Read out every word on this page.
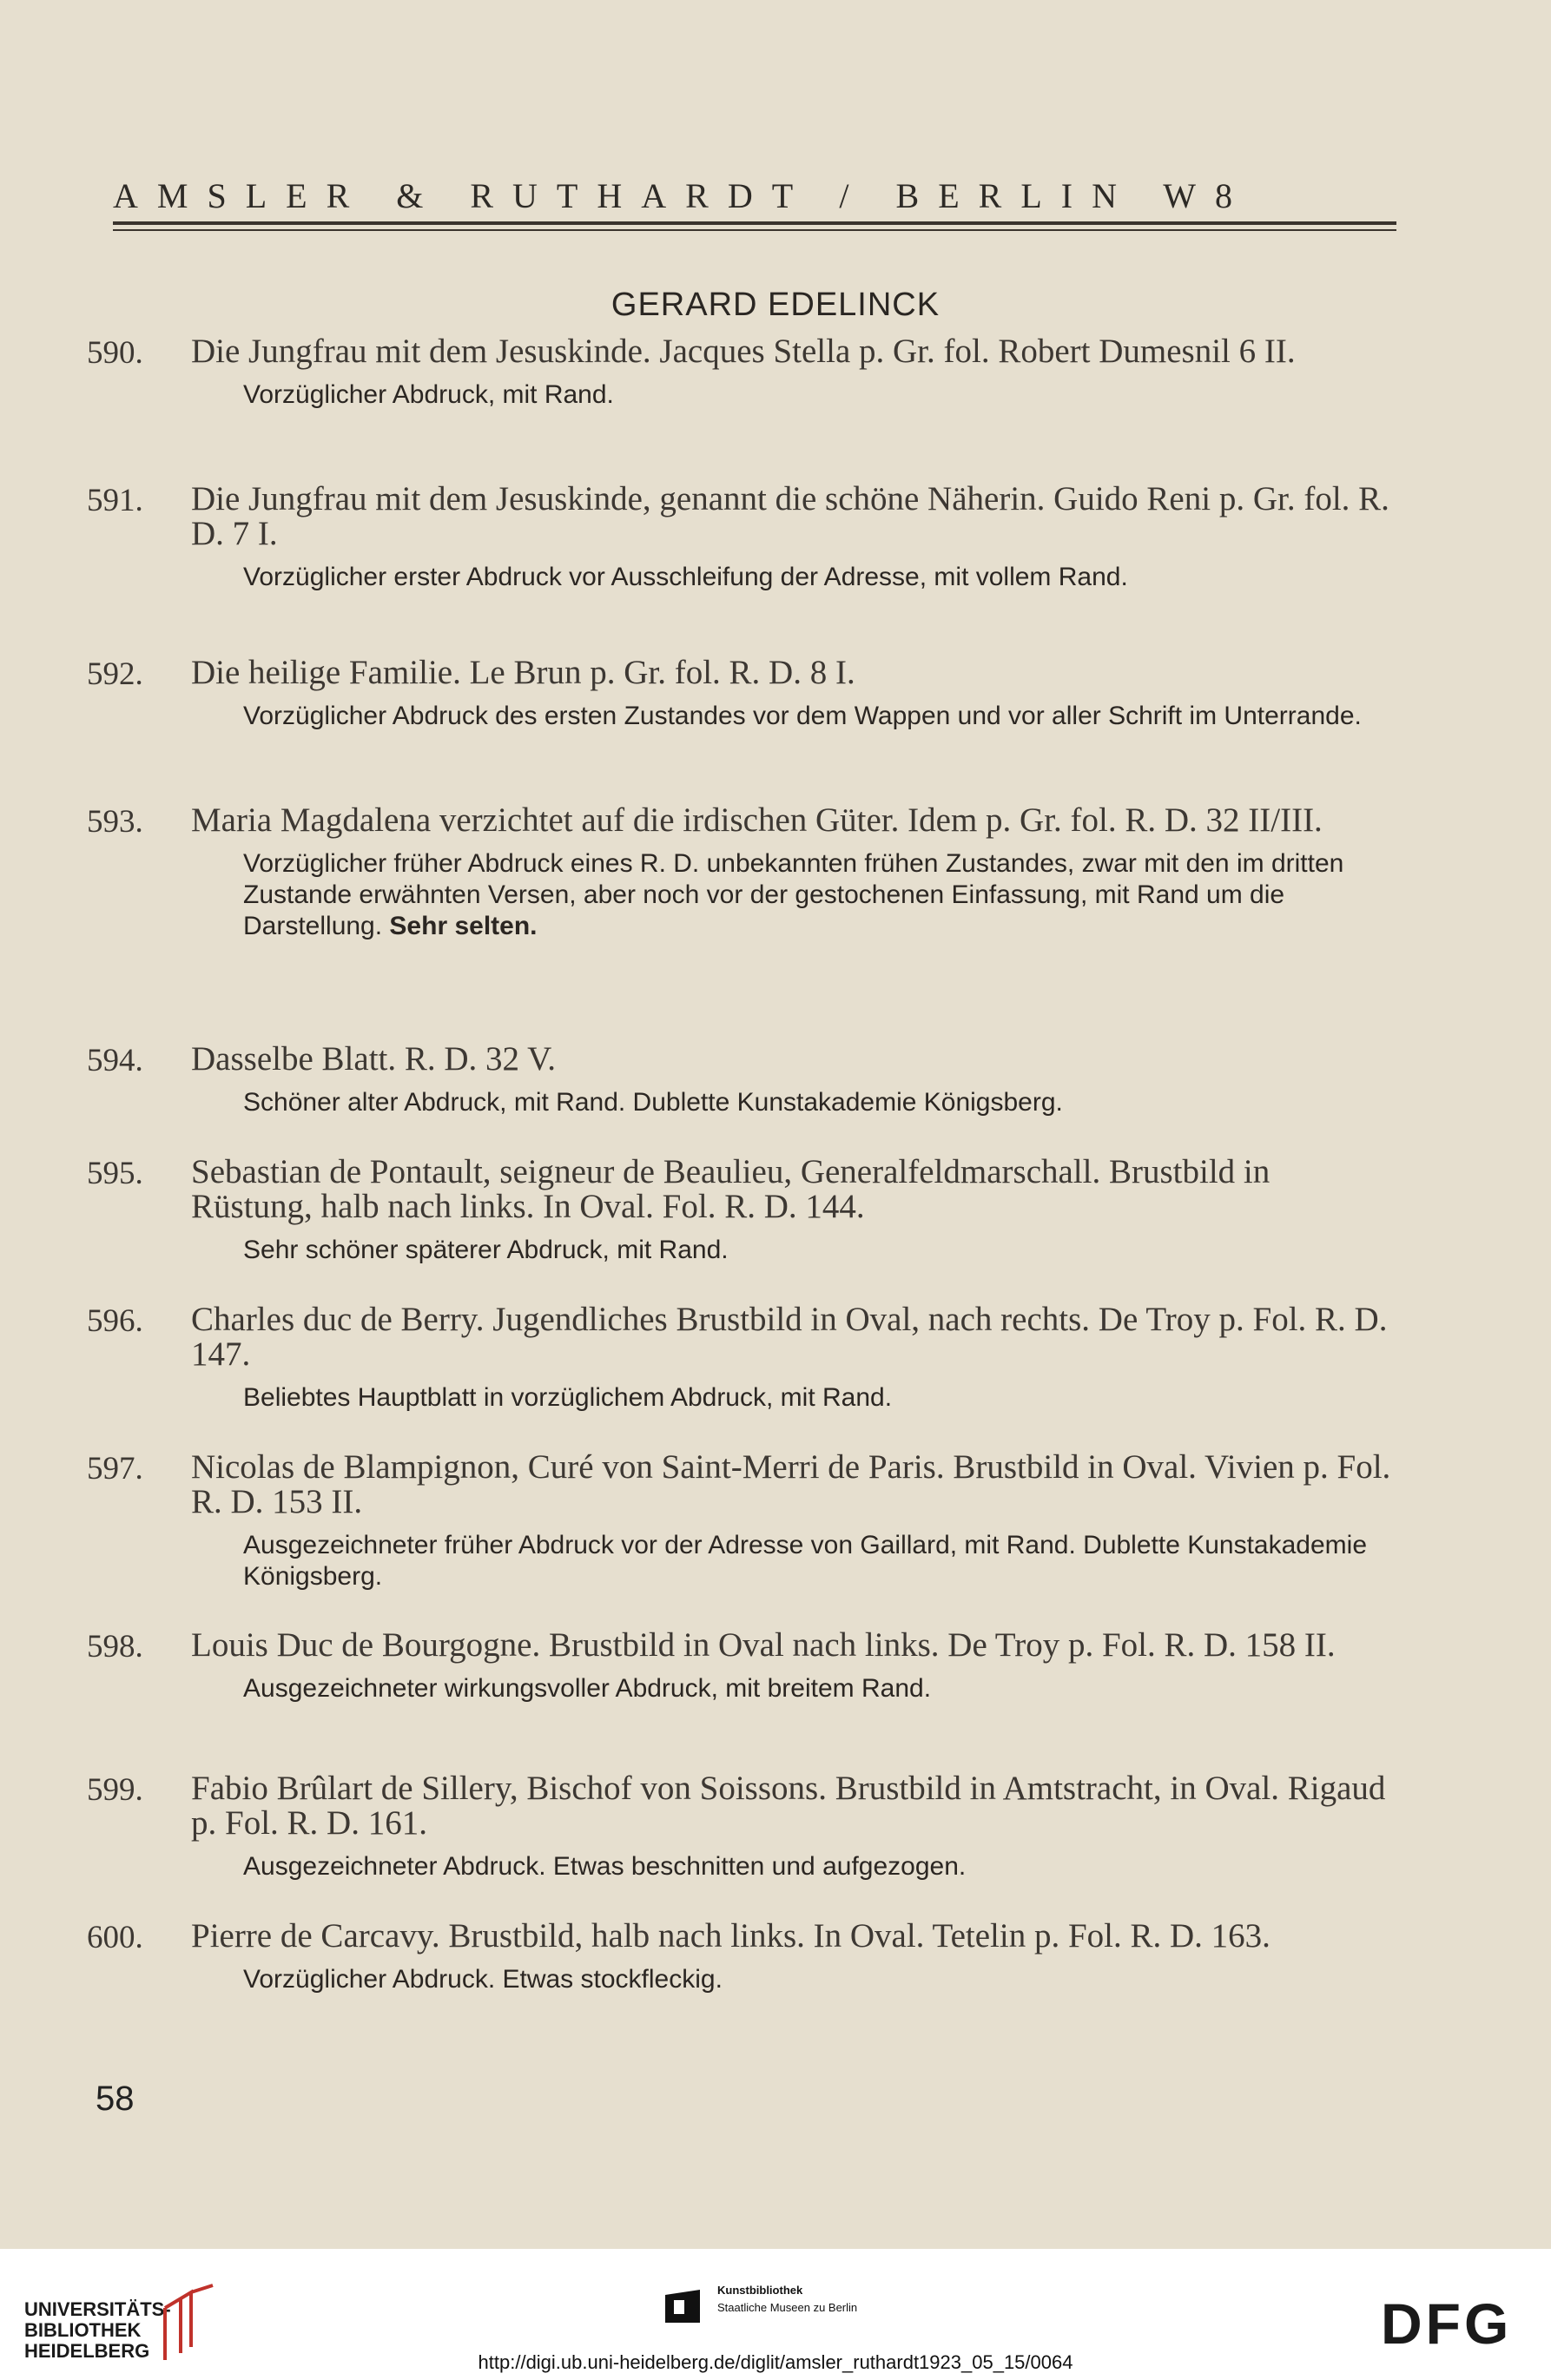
AMSLER & RUTHARDT / BERLIN W8
GERARD EDELINCK
590.	Die Jungfrau mit dem Jesuskinde. Jacques Stella p. Gr. fol. Robert Dumesnil 6 II.
Vorzüglicher Abdruck, mit Rand.
591.	Die Jungfrau mit dem Jesuskinde, genannt die schöne Näherin. Guido Reni p. Gr. fol. R. D. 7 I.
Vorzüglicher erster Abdruck vor Ausschleifung der Adresse, mit vollem Rand.
592.	Die heilige Familie. Le Brun p. Gr. fol. R. D. 8 I.
Vorzüglicher Abdruck des ersten Zustandes vor dem Wappen und vor aller Schrift im Unterrande.
593.	Maria Magdalena verzichtet auf die irdischen Güter. Idem p. Gr. fol. R. D. 32 II/III.
Vorzüglicher früher Abdruck eines R. D. unbekannten frühen Zustandes, zwar mit den im dritten Zustande erwähnten Versen, aber noch vor der gestochenen Einfassung, mit Rand um die Darstellung. Sehr selten.
594.	Dasselbe Blatt. R. D. 32 V.
Schöner alter Abdruck, mit Rand. Dublette Kunstakademie Königsberg.
595.	Sebastian de Pontault, seigneur de Beaulieu, Generalfeldmarschall. Brustbild in Rüstung, halb nach links. In Oval. Fol. R. D. 144.
Sehr schöner späterer Abdruck, mit Rand.
596.	Charles duc de Berry. Jugendliches Brustbild in Oval, nach rechts. De Troy p. Fol. R. D. 147.
Beliebtes Hauptblatt in vorzüglichem Abdruck, mit Rand.
597.	Nicolas de Blampignon, Curé von Saint-Merri de Paris. Brustbild in Oval. Vivien p. Fol. R. D. 153 II.
Ausgezeichneter früher Abdruck vor der Adresse von Gaillard, mit Rand. Dublette Kunstakademie Königsberg.
598.	Louis Duc de Bourgogne. Brustbild in Oval nach links. De Troy p. Fol. R. D. 158 II.
Ausgezeichneter wirkungsvoller Abdruck, mit breitem Rand.
599.	Fabio Brûlart de Sillery, Bischof von Soissons. Brustbild in Amtstracht, in Oval. Rigaud p. Fol. R. D. 161.
Ausgezeichneter Abdruck. Etwas beschnitten und aufgezogen.
600.	Pierre de Carcavy. Brustbild, halb nach links. In Oval. Tetelin p. Fol. R. D. 163.
Vorzüglicher Abdruck. Etwas stockfleckig.
58
UNIVERSITÄTS-
BIBLIOTHEK
HEIDELBERG
Kunstbibliothek
Staatliche Museen zu Berlin	DFG
http://digi.ub.uni-heidelberg.de/diglit/amsler_ruthardt1923_05_15/0064
